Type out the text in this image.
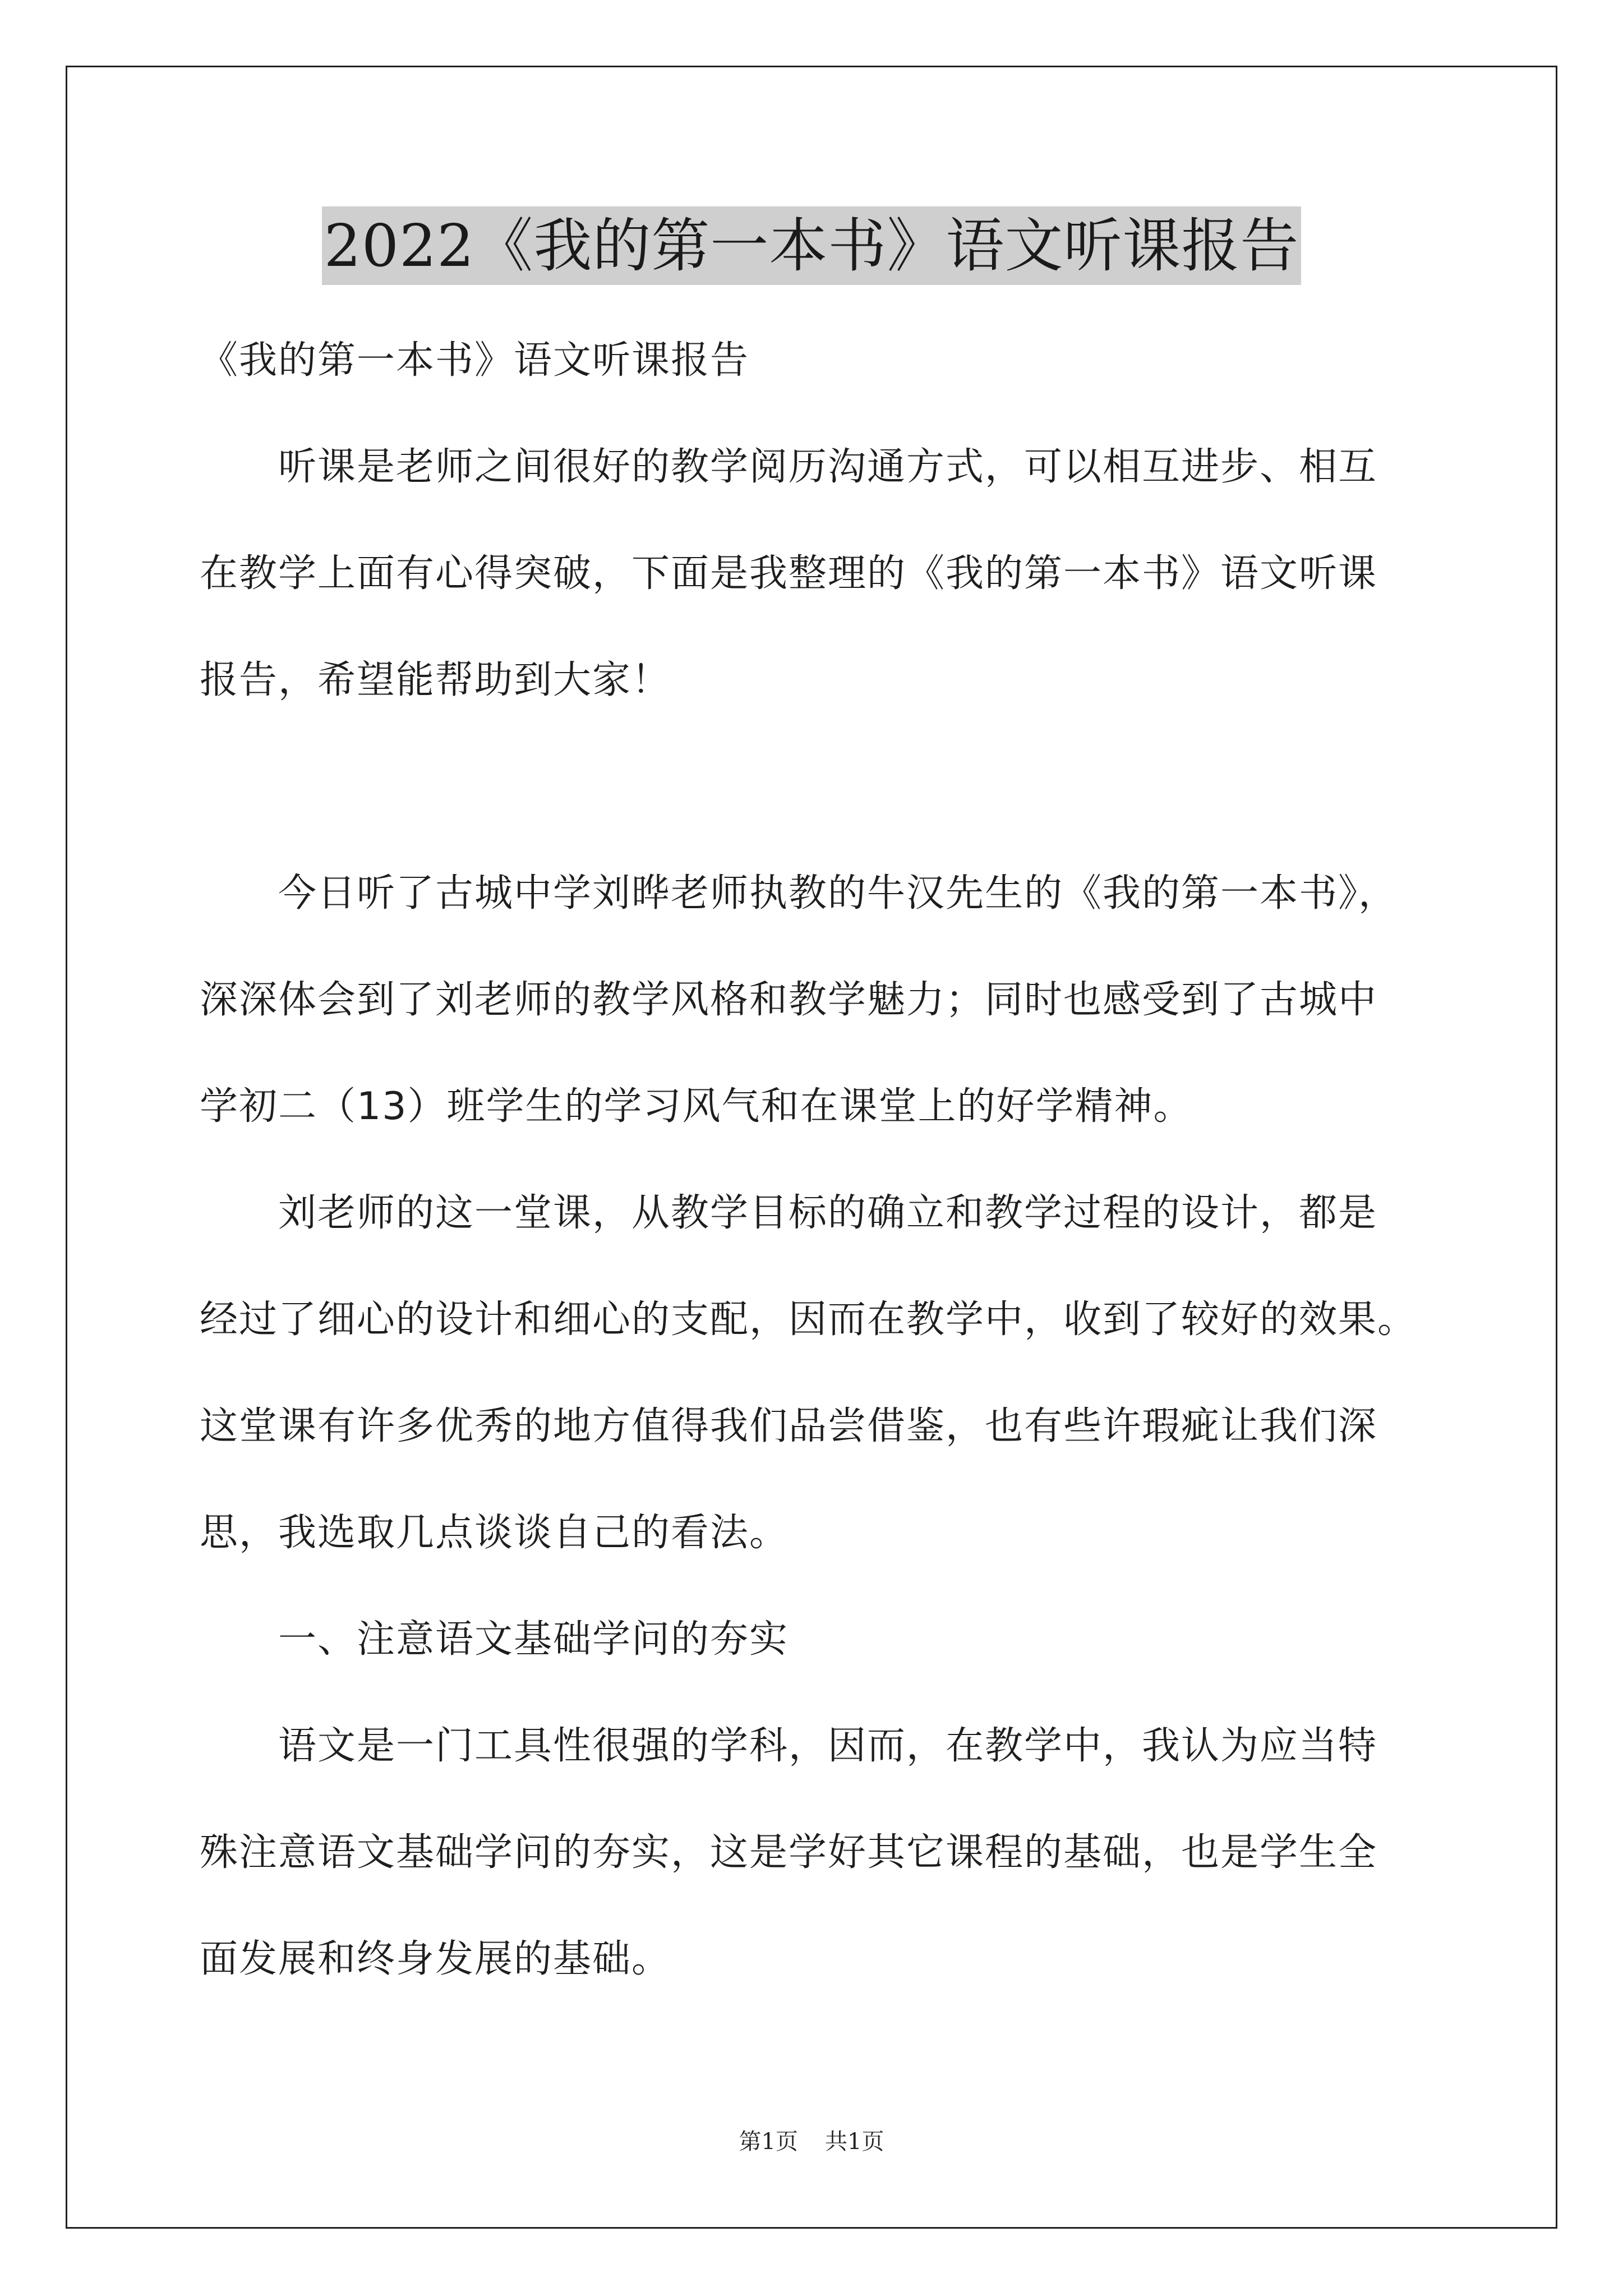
2022《我的第一本书》语文听课报告
《我的第一本书》语文听课报告
听课是老师之间很好的教学阅历沟通方式，可以相互进步、相互
在教学上面有心得突破，下面是我整理的《我的第一本书》语文听课
报告，希望能帮助到大家！
今日听了古城中学刘晔老师执教的牛汉先生的《我的第一本书》，
深深体会到了刘老师的教学风格和教学魅力；同时也感受到了古城中
学初二（13）班学生的学习风气和在课堂上的好学精神。
刘老师的这一堂课，从教学目标的确立和教学过程的设计，都是
经过了细心的设计和细心的支配，因而在教学中，收到了较好的效果。
这堂课有许多优秀的地方值得我们品尝借鉴，也有些许瑕疵让我们深
思，我选取几点谈谈自己的看法。
一、注意语文基础学问的夯实
语文是一门工具性很强的学科，因而，在教学中，我认为应当特
殊注意语文基础学问的夯实，这是学好其它课程的基础，也是学生全
面发展和终身发展的基础。
第1页 共1页
